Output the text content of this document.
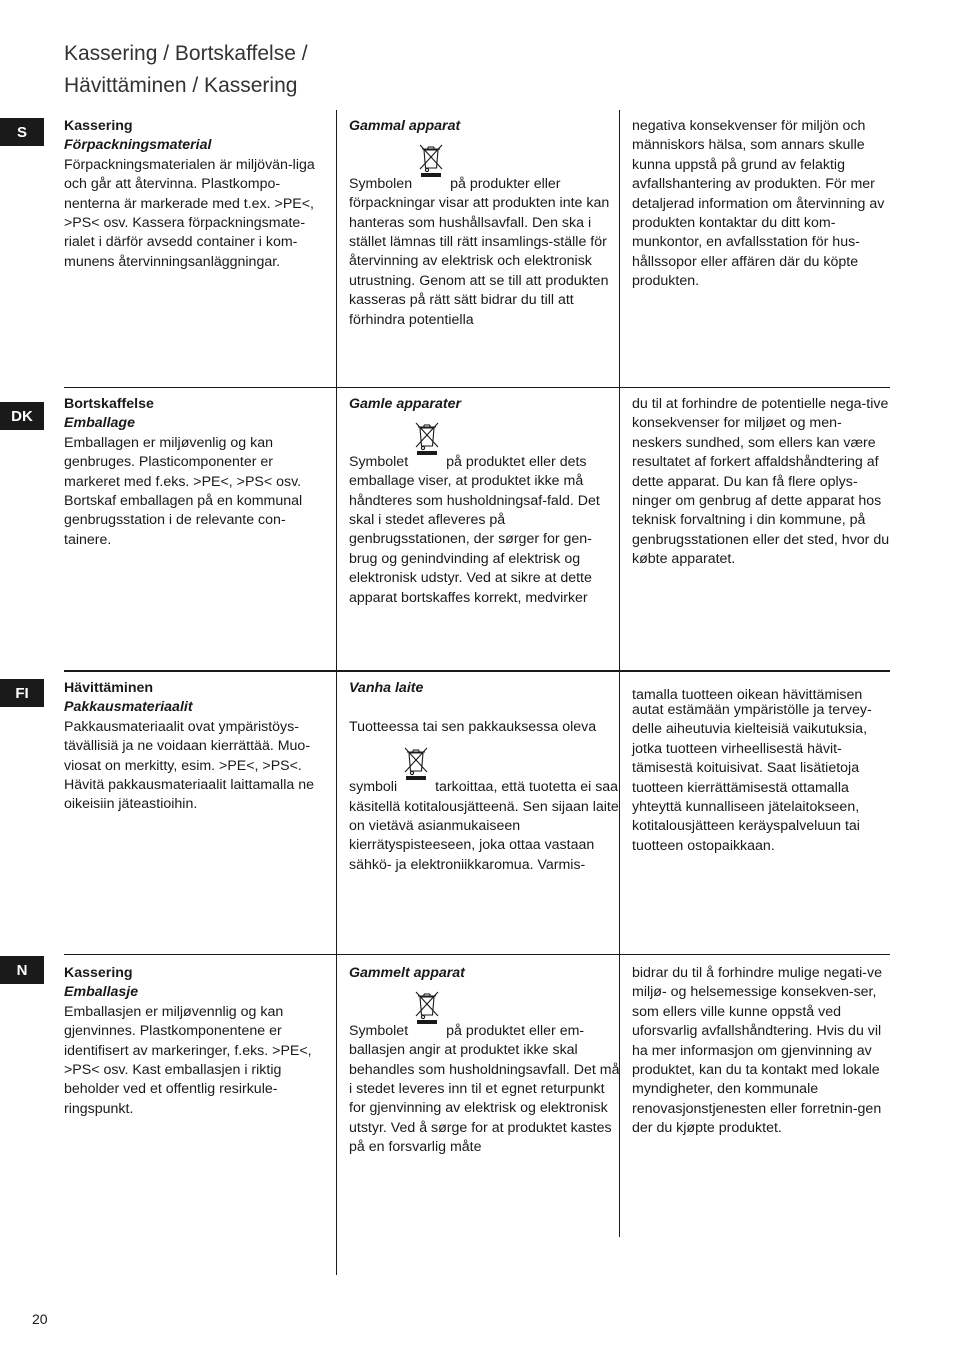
Kassering / Bortskaffelse /
Hävittäminen / Kassering
S	Kassering
Förpackningsmaterial
Förpackningsmaterialen är miljövän-liga och går att återvinna. Plastkompo-nenterna är markerade med t.ex. >PE<, >PS< osv. Kassera förpackningsmate-rialet i därför avsedd container i kom-munens återvinningsanläggningar.
Gammal apparat
Symbolen	på produkter eller förpackningar visar att produkten inte kan hanteras som hushållsavfall. Den ska i stället lämnas till rätt insamlings-ställe för återvinning av elektrisk och elektronisk utrustning. Genom att se till att produkten kasseras på rätt sätt bidrar du till att förhindra potentiella
negativa konsekvenser för miljön och människors hälsa, som annars skulle kunna uppstå på grund av felaktig avfallshantering av produkten. För mer detaljerad information om återvinning av produkten kontaktar du ditt kom-munkontor, en avfallsstation för hus-hållssopor eller affären där du köpte produkten.
DK
Bortskaffelse
Emballage
Emballagen er miljøvenlig og kan genbruges. Plasticomponenter er markeret med f.eks. >PE<, >PS< osv. Bortskaf emballagen på en kommunal genbrugsstation i de relevante con-tainere.
Gamle apparater
Symbolet	på produktet eller dets emballage viser, at produktet ikke må håndteres som husholdningsaf-fald. Det skal i stedet afleveres på genbrugsstationen, der sørger for gen-brug og genindvinding af elektrisk og elektronisk udstyr. Ved at sikre at dette apparat bortskaffes korrekt, medvirker
du til at forhindre de potentielle nega-tive konsekvenser for miljøet og men-neskers sundhed, som ellers kan være resultatet af forkert affaldshåndtering af dette apparat. Du kan få flere oplys-ninger om genbrug af dette apparat hos teknisk forvaltning i din kommune, på genbrugsstationen eller det sted, hvor du købte apparatet.
FI	Hävittäminen
Pakkausmateriaalit
Pakkausmateriaalit ovat ympäristöys-tävällisiä ja ne voidaan kierrättää. Muo-viosat on merkitty, esim. >PE<, >PS<. Hävitä pakkausmateriaalit laittamalla ne oikeisiin jäteastioihin.
Vanha laite
Tuotteessa tai sen pakkauksessa oleva
symboli	tarkoittaa, että tuotetta ei saa käsitellä kotitalousjätteenä. Sen sijaan laite on vietävä asianmukaiseen kierrätyspisteeseen, joka ottaa vastaan sähkö- ja elektroniikkaromua. Varmis-
tamalla tuotteen oikean hävittämisen
autat estämään ympäristölle ja tervey-delle aiheutuvia kielteisiä vaikutuksia, jotka tuotteen virheellisestä hävit-tämisestä koituisivat. Saat lisätietoja tuotteen kierrättämisestä ottamalla yhteyttä kunnalliseen jätelaitokseen, kotitalousjätteen keräyspalveluun tai tuotteen ostopaikkaan.
N	Kassering
Emballasje
Emballasjen er miljøvennlig og kan gjenvinnes. Plastkomponentene er identifisert av markeringer, f.eks. >PE<, >PS< osv. Kast emballasjen i riktig beholder ved et offentlig resirkule-ringspunkt.
Gammelt apparat
Symbolet	på produktet eller em-ballasjen angir at produktet ikke skal behandles som husholdningsavfall. Det må i stedet leveres inn til et egnet returpunkt for gjenvinning av elektrisk og elektronisk utstyr. Ved å sørge for at produktet kastes på en forsvarlig måte
bidrar du til å forhindre mulige negati-ve miljø- og helsemessige konsekven-ser, som ellers ville kunne oppstå ved uforsvarlig avfallshåndtering. Hvis du vil ha mer informasjon om gjenvinning av produktet, kan du ta kontakt med lokale myndigheter, den kommunale renovasjonstjenesten eller forretnin-gen der du kjøpte produktet.
20
